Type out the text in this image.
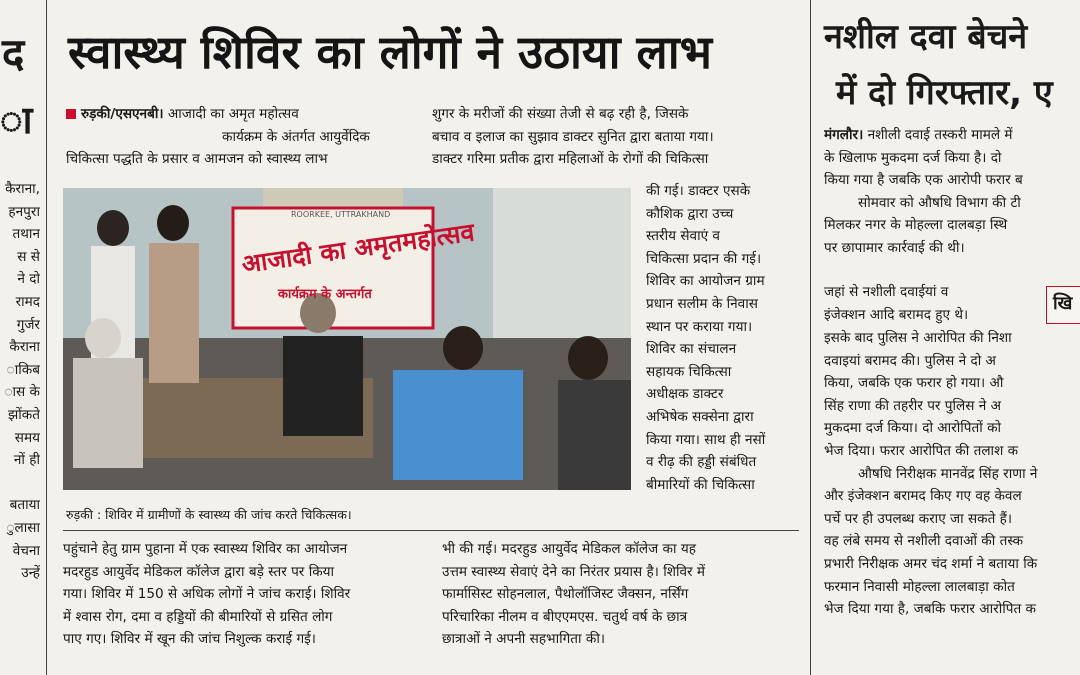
द
ा
कैराना,
हनपुरा
तथान
स से
ने दो
रामद
गुर्जर
कैराना
ाकिब
ास के
झोंकते
समय
नों ही

बताया
ुलासा
वेचना
उन्हें
स्वास्थ्य शिविर का लोगों ने उठाया लाभ
रुड़की/एसएनबी। आजादी का अमृत महोत्सव
कार्यक्रम के अंतर्गत आयुर्वेदिक
चिकित्सा पद्धति के प्रसार व आमजन को स्वास्थ्य लाभ
शुगर के मरीजों की संख्या तेजी से बढ़ रही है, जिसके
बचाव व इलाज का सुझाव डाक्टर सुनित द्वारा बताया गया।
डाक्टर गरिमा प्रतीक द्वारा महिलाओं के रोगों की चिकित्सा
ROORKEE, UTTRAKHAND
आजादी का अमृतमहोत्सव
कार्यक्रम के अन्तर्गत
रुड़की : शिविर में ग्रामीणों के स्वास्थ्य की जांच करते चिकित्सक।
की गई। डाक्टर एसके
कौशिक द्वारा उच्च
स्तरीय सेवाएं व
चिकित्सा प्रदान की गई।
शिविर का आयोजन ग्राम
प्रधान सलीम के निवास
स्थान पर कराया गया।
शिविर का संचालन
सहायक चिकित्सा
अधीक्षक डाक्टर
अभिषेक सक्सेना द्वारा
किया गया। साथ ही नसों
व रीढ़ की हड्डी संबंधित
बीमारियों की चिकित्सा
पहुंचाने हेतु ग्राम पुहाना में एक स्वास्थ्य शिविर का आयोजन
मदरहुड आयुर्वेद मेडिकल कॉलेज द्वारा बड़े स्तर पर किया
गया। शिविर में 150 से अधिक लोगों ने जांच कराई। शिविर
में श्वास रोग, दमा व हड्डियों की बीमारियों से ग्रसित लोग
पाए गए। शिविर में खून की जांच निशुल्क कराई गई।
भी की गई। मदरहुड आयुर्वेद मेडिकल कॉलेज का यह
उत्तम स्वास्थ्य सेवाएं देने का निरंतर प्रयास है। शिविर में
फार्मासिस्ट सोहनलाल, पैथोलॉजिस्ट जैक्सन, नर्सिंग
परिचारिका नीलम व बीएएमएस. चतुर्थ वर्ष के छात्र
छात्राओं ने अपनी सहभागिता की।
नशील दवा बेचने
में दो गिरफ्तार, ए
मंगलौर। नशीली दवाई तस्करी मामले में
के खिलाफ मुकदमा दर्ज किया है। दो
किया गया है जबकि एक आरोपी फरार ब
सोमवार को औषधि विभाग की टी
मिलकर नगर के मोहल्ला दालबड़ा स्थि
पर छापामार कार्रवाई की थी।
जहां से नशीली दवाईयां व
इंजेक्शन आदि बरामद हुए थे।
खि
इसके बाद पुलिस ने आरोपित की निशा
दवाइयां बरामद की। पुलिस ने दो अ
किया, जबकि एक फरार हो गया। औ
सिंह राणा की तहरीर पर पुलिस ने अ
मुकदमा दर्ज किया। दो आरोपितों को
भेज दिया। फरार आरोपित की तलाश क
औषधि निरीक्षक मानवेंद्र सिंह राणा ने
और इंजेक्शन बरामद किए गए वह केवल
पर्चे पर ही उपलब्ध कराए जा सकते हैं।
वह लंबे समय से नशीली दवाओं की तस्क
प्रभारी निरीक्षक अमर चंद शर्मा ने बताया कि
फरमान निवासी मोहल्ला लालबाड़ा कोत
भेज दिया गया है, जबकि फरार आरोपित क
